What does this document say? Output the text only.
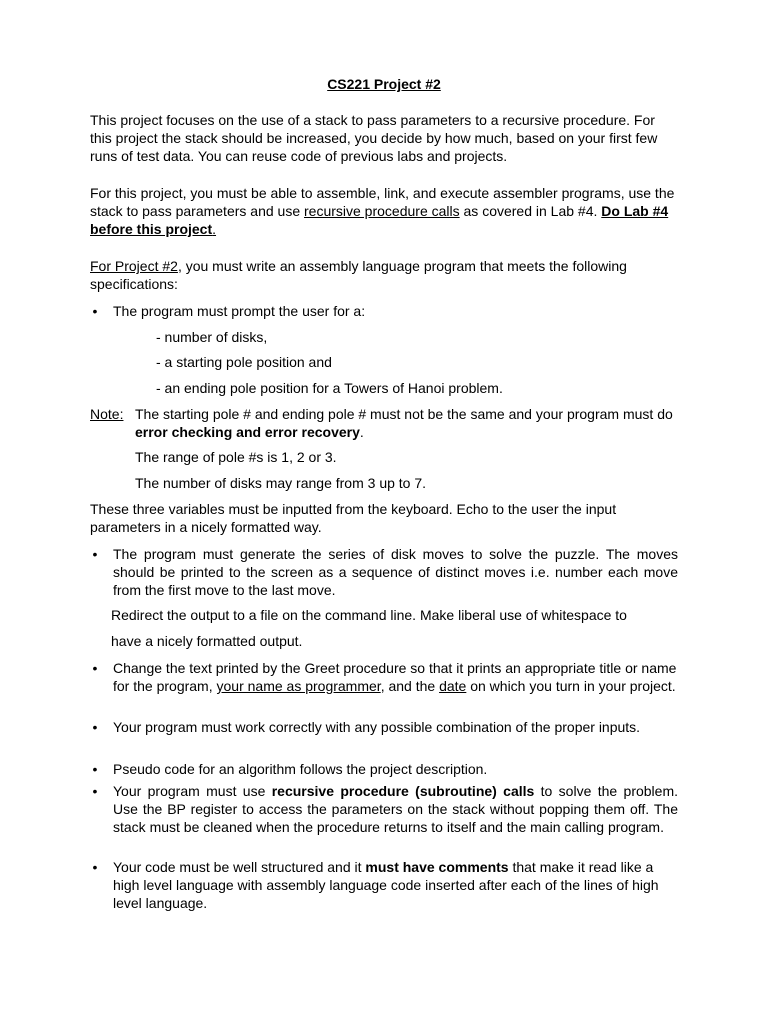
CS221 Project #2
This project focuses on the use of a stack to pass parameters to a recursive procedure. For this project the stack should be increased, you decide by how much, based on your first few runs of test data. You can reuse code of previous labs and projects.
For this project, you must be able to assemble, link, and execute assembler programs, use the stack to pass parameters and use recursive procedure calls as covered in Lab #4. Do Lab #4 before this project.
For Project #2, you must write an assembly language program that meets the following specifications:
• The program must prompt the user for a:
- number of disks,
- a starting pole position and
- an ending pole position for a Towers of Hanoi problem.
Note: The starting pole # and ending pole # must not be the same and your program must do error checking and error recovery.
The range of pole #s is 1, 2 or 3.
The number of disks may range from 3 up to 7.
These three variables must be inputted from the keyboard. Echo to the user the input parameters in a nicely formatted way.
• The program must generate the series of disk moves to solve the puzzle. The moves should be printed to the screen as a sequence of distinct moves i.e. number each move from the first move to the last move.
Redirect the output to a file on the command line. Make liberal use of whitespace to
have a nicely formatted output.
• Change the text printed by the Greet procedure so that it prints an appropriate title or name for the program, your name as programmer, and the date on which you turn in your project.
• Your program must work correctly with any possible combination of the proper inputs.
• Pseudo code for an algorithm follows the project description.
• Your program must use recursive procedure (subroutine) calls to solve the problem. Use the BP register to access the parameters on the stack without popping them off. The stack must be cleaned when the procedure returns to itself and the main calling program.
• Your code must be well structured and it must have comments that make it read like a high level language with assembly language code inserted after each of the lines of high level language.
